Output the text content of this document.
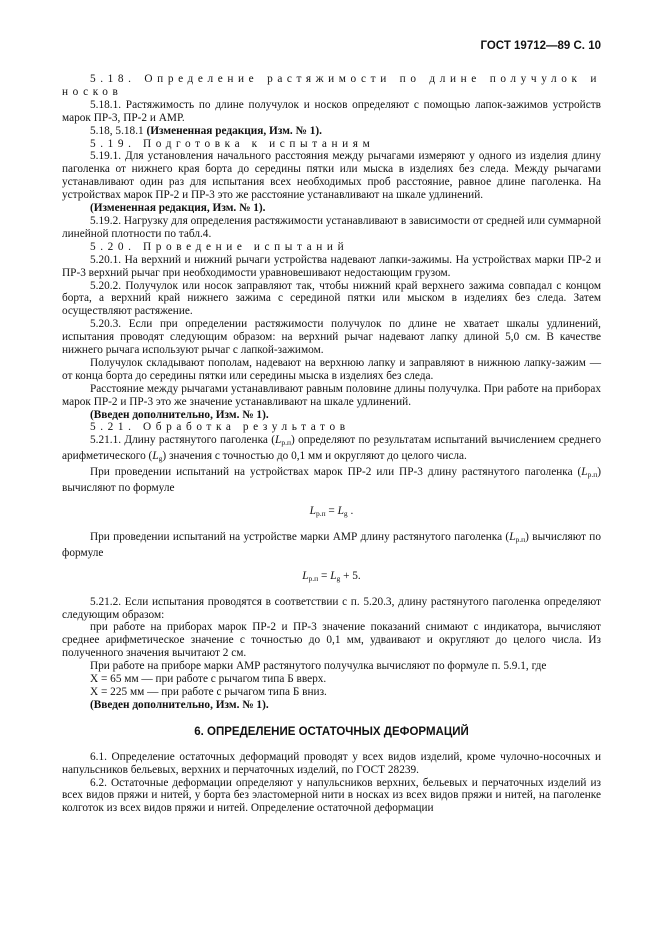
ГОСТ 19712—89 С. 10

5.18. Определение растяжимости по длине получулок и носков

5.18.1. Растяжимость по длине получулок и носков определяют с помощью лапок-зажимов устройств марок ПР-3, ПР-2 и АМР.

5.18, 5.18.1 (Измененная редакция, Изм. № 1).

5.19. Подготовка к испытаниям

5.19.1. Для установления начального расстояния между рычагами измеряют у одного из изделия длину паголенка от нижнего края борта до середины пятки или мыска в изделиях без следа. Между рычагами устанавливают один раз для испытания всех необходимых проб расстояние, равное длине паголенка. На устройствах марок ПР-2 и ПР-3 это же расстояние устанавливают на шкале удлинений.

(Измененная редакция, Изм. № 1).

5.19.2. Нагрузку для определения растяжимости устанавливают в зависимости от средней или суммарной линейной плотности по табл.4.

5.20. Проведение испытаний

5.20.1. На верхний и нижний рычаги устройства надевают лапки-зажимы. На устройствах марки ПР-2 и ПР-3 верхний рычаг при необходимости уравновешивают недостающим грузом.

5.20.2. Получулок или носок заправляют так, чтобы нижний край верхнего зажима совпадал с концом борта, а верхний край нижнего зажима с серединой пятки или мыском в изделиях без следа. Затем осуществляют растяжение.

5.20.3. Если при определении растяжимости получулок по длине не хватает шкалы удлинений, испытания проводят следующим образом: на верхний рычаг надевают лапку длиной 5,0 см. В качестве нижнего рычага используют рычаг с лапкой-зажимом.

Получулок складывают пополам, надевают на верхнюю лапку и заправляют в нижнюю лапку-зажим — от конца борта до середины пятки или середины мыска в изделиях без следа.

Расстояние между рычагами устанавливают равным половине длины получулка. При работе на приборах марок ПР-2 и ПР-3 это же значение устанавливают на шкале удлинений.

(Введен дополнительно, Изм. № 1).

5.21. Обработка результатов

5.21.1. Длину растянутого паголенка $(L_{р.п})$ определяют по результатам испытаний вычислением среднего арифметического $(L_g)$ значения с точностью до 0,1 мм и округляют до целого числа.

При проведении испытаний на устройствах марок ПР-2 или ПР-3 длину растянутого паголенка $(L_{р.п})$ вычисляют по формуле

$L_{р.п} = L_g$ .

При проведении испытаний на устройстве марки АМР длину растянутого паголенка $(L_{р.п})$ вычисляют по формуле

$L_{р.п} = L_g + 5$.

5.21.2. Если испытания проводятся в соответствии с п. 5.20.3, длину растянутого паголенка определяют следующим образом:

при работе на приборах марок ПР-2 и ПР-3 значение показаний снимают с индикатора, вычисляют среднее арифметическое значение с точностью до 0,1 мм, удваивают и округляют до целого числа. Из полученного значения вычитают 2 см.

При работе на приборе марки АМР растянутого получулка вычисляют по формуле п. 5.9.1, где

X = 65 мм — при работе с рычагом типа Б вверх.

X = 225 мм — при работе с рычагом типа Б вниз.

(Введен дополнительно, Изм. № 1).

6. ОПРЕДЕЛЕНИЕ ОСТАТОЧНЫХ ДЕФОРМАЦИЙ

6.1. Определение остаточных деформаций проводят у всех видов изделий, кроме чулочно-носочных и напульсников бельевых, верхних и перчаточных изделий, по ГОСТ 28239.

6.2. Остаточные деформации определяют у напульсников верхних, бельевых и перчаточных изделий из всех видов пряжи и нитей, у борта без эластомерной нити в носках из всех видов пряжи и нитей, на паголенке колготок из всех видов пряжи и нитей. Определение остаточной деформации
